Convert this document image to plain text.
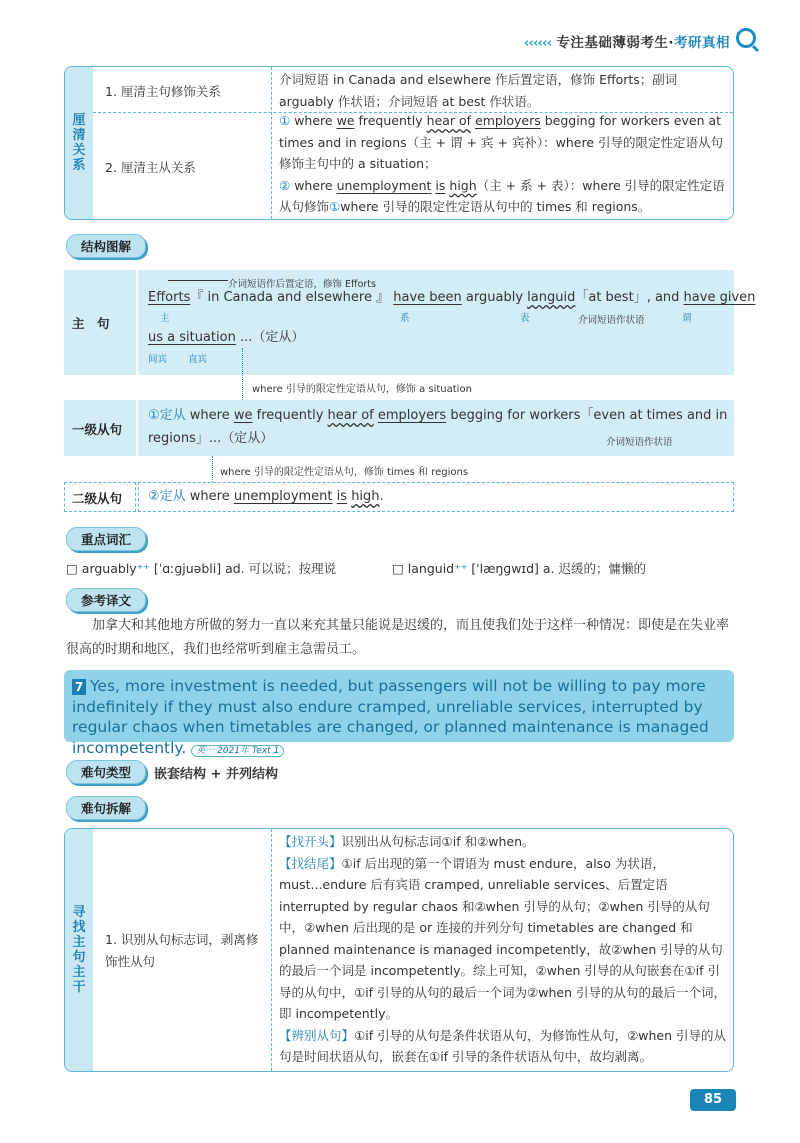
‹‹‹‹‹‹ 专注基础薄弱考生·考研真相
厘清关系
1. 厘清主句修饰关系
介词短语 in Canada and elsewhere 作后置定语，修饰 Efforts；副词 arguably 作状语；介词短语 at best 作状语。
2. 厘清主从关系
① where we frequently hear of employers begging for workers even at times and in regions（主 + 谓 + 宾 + 宾补）：where 引导的限定性定语从句修饰主句中的 a situation；
② where unemployment is high（主 + 系 + 表）：where 引导的限定性定语从句修饰①where 引导的限定性定语从句中的 times 和 regions。
结构图解
主　句
介词短语作后置定语，修饰 Efforts
Efforts『 in Canada and elsewhere 』 have been arguably languid「at best」, and have given
主	系	表	介词短语作状语	谓
us a situation ...（定从）
间宾 直宾
where 引导的限定性定语从句，修饰 a situation
一级从句
①定从 where we frequently hear of employers begging for workers「even at times and in regions」...（定从）	介词短语作状语
where 引导的限定性定语从句，修饰 times 和 regions
二级从句 ②定从 where unemployment is high.
重点词汇
□ arguably⁺⁺ [ˈɑːɡjuəbli] ad. 可以说；按理说	□ languid⁺⁺ [ˈlæŋɡwɪd] a. 迟缓的；慵懒的
参考译文
加拿大和其他地方所做的努力一直以来充其量只能说是迟缓的，而且使我们处于这样一种情况：即使是在失业率很高的时期和地区，我们也经常听到雇主急需员工。
7 Yes, more investment is needed, but passengers will not be willing to pay more indefinitely if they must also endure cramped, unreliable services, interrupted by regular chaos when timetables are changed, or planned maintenance is managed incompetently. 英一 2021年 Text 1
难句类型	嵌套结构 + 并列结构
难句拆解
寻找主句主干
1. 识别从句标志词，剥离修饰性从句
【找开头】识别出从句标志词①if 和②when。
【找结尾】①if 后出现的第一个谓语为 must endure，also 为状语，must...endure 后有宾语 cramped, unreliable services、后置定语 interrupted by regular chaos 和②when 引导的从句；②when 引导的从句中，②when 后出现的是 or 连接的并列分句 timetables are changed 和 planned maintenance is managed incompetently，故②when 引导的从句的最后一个词是 incompetently。综上可知，②when 引导的从句嵌套在①if 引导的从句中，①if 引导的从句的最后一个词为②when 引导的从句的最后一个词，即 incompetently。
【辨别从句】①if 引导的从句是条件状语从句，为修饰性从句，②when 引导的从句是时间状语从句，嵌套在①if 引导的条件状语从句中，故均剥离。
85
